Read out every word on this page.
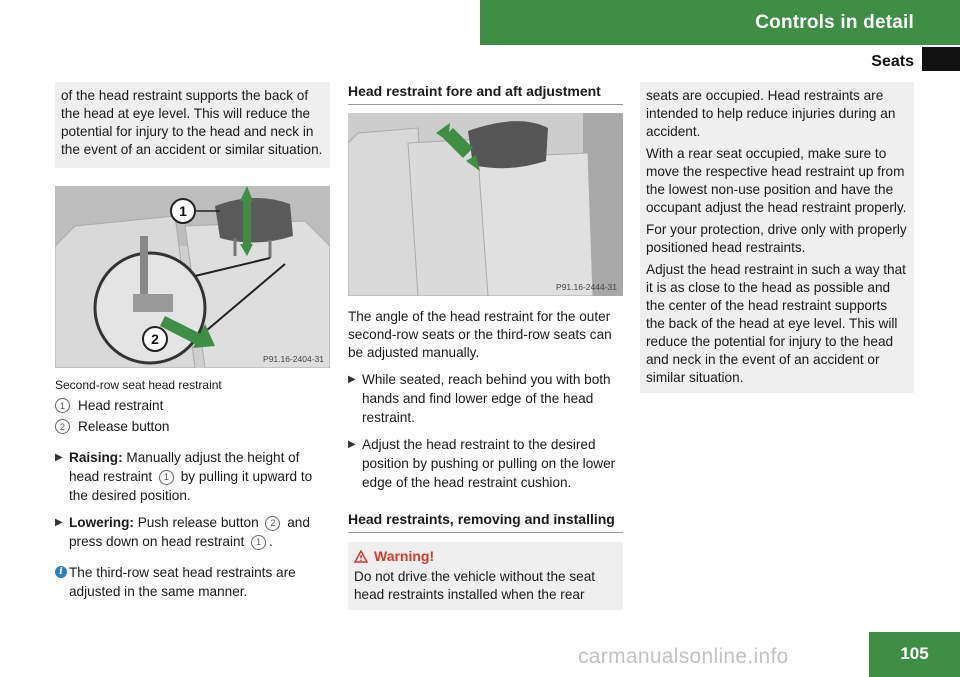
Controls in detail
Seats

of the head restraint supports the back of the head at eye level. This will reduce the potential for injury to the head and neck in the event of an accident or similar situation.

1
2
P91.16-2404-31
Second-row seat head restraint
1 Head restraint
2 Release button
▶ Raising: Manually adjust the height of head restraint 1 by pulling it upward to the desired position.
▶ Lowering: Push release button 2 and press down on head restraint 1 .
i The third-row seat head restraints are adjusted in the same manner.
Head restraint fore and aft adjustment
P91.16-2444-31

The angle of the head restraint for the outer second-row seats or the third-row seats can be adjusted manually.

▶ While seated, reach behind you with both hands and find lower edge of the head restraint.
▶ Adjust the head restraint to the desired position by pushing or pulling on the lower edge of the head restraint cushion.
Head restraints, removing and installing
Warning!
Do not drive the vehicle without the seat head restraints installed when the rear

seats are occupied. Head restraints are intended to help reduce injuries during an accident.

With a rear seat occupied, make sure to move the respective head restraint up from the lowest non-use position and have the occupant adjust the head restraint properly.

For your protection, drive only with properly positioned head restraints.

Adjust the head restraint in such a way that it is as close to the head as possible and the center of the head restraint supports the back of the head at eye level. This will reduce the potential for injury to the head and neck in the event of an accident or similar situation.

105
carmanualsonline.info
